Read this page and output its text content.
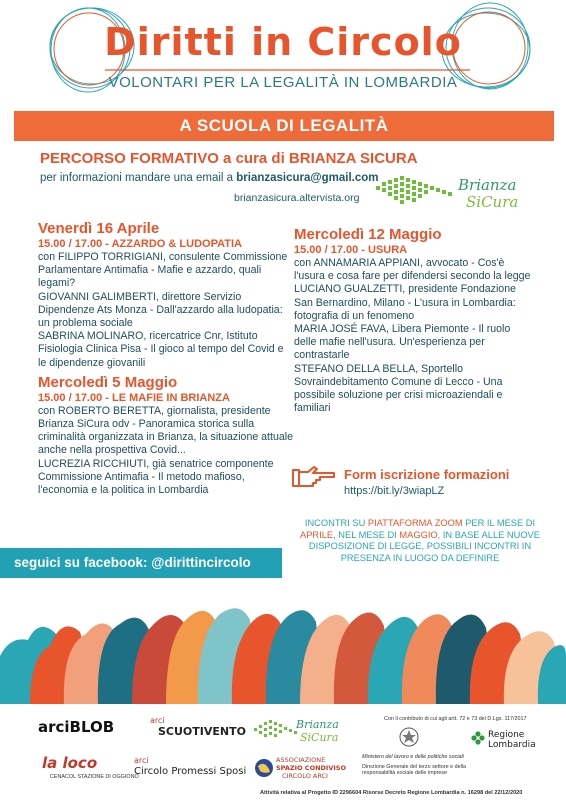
Diritti in Circolo
VOLONTARI PER LA LEGALITÀ IN LOMBARDIA
A SCUOLA DI LEGALITÀ
PERCORSO FORMATIVO a cura di BRIANZA SICURA
per informazioni mandare una email a brianzasicura@gmail.com
brianzasicura.altervista.org
Brianza
SiCura
Venerdì 16 Aprile
15.00 / 17.00 - AZZARDO & LUDOPATIA
con FILIPPO TORRIGIANI, consulente Commissione Parlamentare Antimafia - Mafie e azzardo, quali legami?
GIOVANNI GALIMBERTI, direttore Servizio Dipendenze Ats Monza - Dall'azzardo alla ludopatia: un problema sociale
SABRINA MOLINARO, ricercatrice Cnr, Istituto Fisiologia Clinica Pisa - Il gioco al tempo del Covid e le dipendenze giovanili
Mercoledì 5 Maggio
15.00 / 17.00 - LE MAFIE IN BRIANZA
con ROBERTO BERETTA, giornalista, presidente Brianza SiCura odv - Panoramica storica sulla criminalità organizzata in Brianza, la situazione attuale anche nella prospettiva Covid...
LUCREZIA RICCHIUTI, già senatrice componente Commissione Antimafia - Il metodo mafioso, l'economia e la politica in Lombardia
Mercoledì 12 Maggio
15.00 / 17.00 - USURA
con ANNAMARIA APPIANI, avvocato - Cos'è l'usura e cosa fare per difendersi secondo la legge
LUCIANO GUALZETTI, presidente Fondazione San Bernardino, Milano - L'usura in Lombardia: fotografia di un fenomeno
MARIA JOSÉ FAVA, Libera Piemonte - Il ruolo delle mafie nell'usura. Un'esperienza per contrastarle
STEFANO DELLA BELLA, Sportello Sovraindebitamento Comune di Lecco - Una possibile soluzione per crisi microaziendali e familiari
Form iscrizione formazioni
https://bit.ly/3wiapLZ
INCONTRI SU PIATTAFORMA ZOOM PER IL MESE DI APRILE, NEL MESE DI MAGGIO, IN BASE ALLE NUOVE DISPOSIZIONE DI LEGGE, POSSIBILI INCONTRI IN PRESENZA IN LUOGO DA DEFINIRE
seguici su facebook: @dirittincircolo
arciBLOB	arci
SCUOTIVENTO
Brianza
SiCura
Con il contributo di cui agli artt. 72 e 73 del D.Lgs. 117/2017
Regione
Lombardia
la loco
CENACOL STAZIONE DI OGGIONO
arci
Circolo Promessi Sposi
ASSOCIAZIONE
SPAZIO CONDIVISO
CIRCOLO ARCI
Ministero del lavoro e delle politiche sociali
Direzione Generale del terzo settore e della responsabilità sociale delle imprese
Attività relativa al Progetto ID 2296604 Risorse Decreto Regione Lombardia n. 16298 del 22/12/2020
